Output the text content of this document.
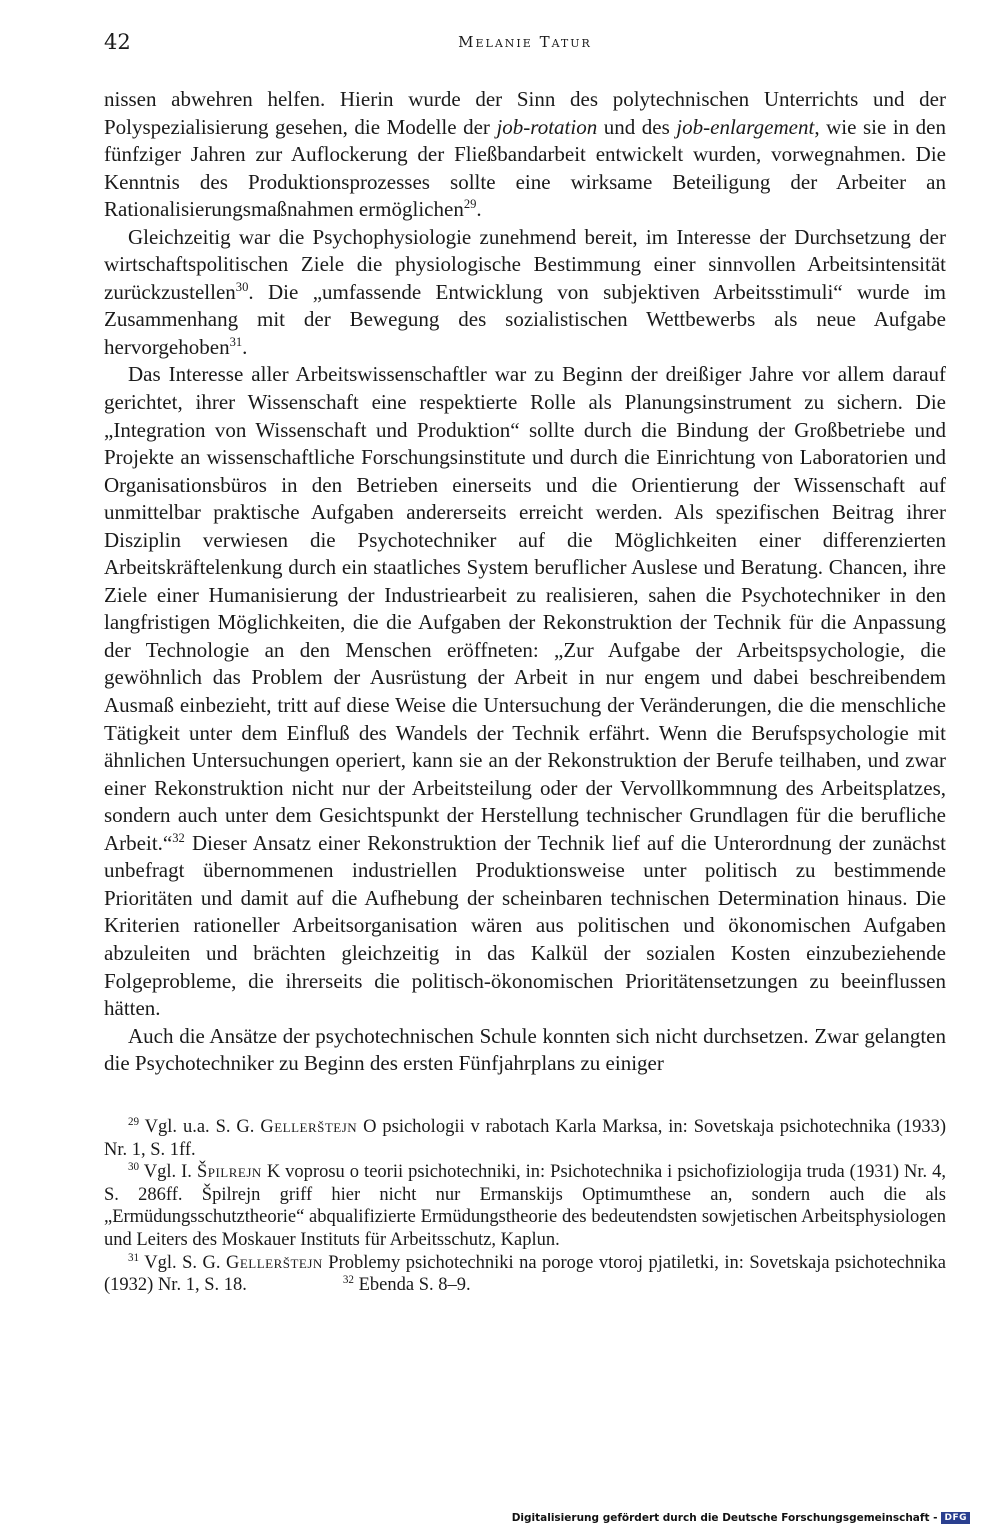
42	Melanie Tatur

nissen abwehren helfen. Hierin wurde der Sinn des polytechnischen Unterrichts und der Polyspezialisierung gesehen, die Modelle der job-rotation und des job-enlargement, wie sie in den fünfziger Jahren zur Auflockerung der Fließbandarbeit entwickelt wurden, vorwegnahmen. Die Kenntnis des Produktionsprozesses sollte eine wirksame Beteiligung der Arbeiter an Rationalisierungsmaßnahmen ermöglichen$^{29}$.

Gleichzeitig war die Psychophysiologie zunehmend bereit, im Interesse der Durchsetzung der wirtschaftspolitischen Ziele die physiologische Bestimmung einer sinnvollen Arbeitsintensität zurückzustellen$^{30}$. Die „umfassende Entwicklung von subjektiven Arbeitsstimuli“ wurde im Zusammenhang mit der Bewegung des sozialistischen Wettbewerbs als neue Aufgabe hervorgehoben$^{31}$.

Das Interesse aller Arbeitswissenschaftler war zu Beginn der dreißiger Jahre vor allem darauf gerichtet, ihrer Wissenschaft eine respektierte Rolle als Planungsinstrument zu sichern. Die „Integration von Wissenschaft und Produktion“ sollte durch die Bindung der Großbetriebe und Projekte an wissenschaftliche Forschungsinstitute und durch die Einrichtung von Laboratorien und Organisationsbüros in den Betrieben einerseits und die Orientierung der Wissenschaft auf unmittelbar praktische Aufgaben andererseits erreicht werden. Als spezifischen Beitrag ihrer Disziplin verwiesen die Psychotechniker auf die Möglichkeiten einer differenzierten Arbeitskräftelenkung durch ein staatliches System beruflicher Auslese und Beratung. Chancen, ihre Ziele einer Humanisierung der Industriearbeit zu realisieren, sahen die Psychotechniker in den langfristigen Möglichkeiten, die die Aufgaben der Rekonstruktion der Technik für die Anpassung der Technologie an den Menschen eröffneten: „Zur Aufgabe der Arbeitspsychologie, die gewöhnlich das Problem der Ausrüstung der Arbeit in nur engem und dabei beschreibendem Ausmaß einbezieht, tritt auf diese Weise die Untersuchung der Veränderungen, die die menschliche Tätigkeit unter dem Einfluß des Wandels der Technik erfährt. Wenn die Berufspsychologie mit ähnlichen Untersuchungen operiert, kann sie an der Rekonstruktion der Berufe teilhaben, und zwar einer Rekonstruktion nicht nur der Arbeitsteilung oder der Vervollkommnung des Arbeitsplatzes, sondern auch unter dem Gesichtspunkt der Herstellung technischer Grundlagen für die berufliche Arbeit.“$^{32}$ Dieser Ansatz einer Rekonstruktion der Technik lief auf die Unterordnung der zunächst unbefragt übernommenen industriellen Produktionsweise unter politisch zu bestimmende Prioritäten und damit auf die Aufhebung der scheinbaren technischen Determination hinaus. Die Kriterien rationeller Arbeitsorganisation wären aus politischen und ökonomischen Aufgaben abzuleiten und brächten gleichzeitig in das Kalkül der sozialen Kosten einzubeziehende Folgeprobleme, die ihrerseits die politisch-ökonomischen Prioritätensetzungen zu beeinflussen hätten.

Auch die Ansätze der psychotechnischen Schule konnten sich nicht durchsetzen. Zwar gelangten die Psychotechniker zu Beginn des ersten Fünfjahrplans zu einiger

$^{29}$ Vgl. u.a. S. G. Gelleršteјn O psichologii v rabotach Karla Marksa, in: Sovetskaja psichotechnika (1933) Nr. 1, S. 1ff.

$^{30}$ Vgl. I. Špilrejn K voprosu o teorii psichotechniki, in: Psichotechnika i psichofiziologija truda (1931) Nr. 4, S. 286ff. Špilrejn griff hier nicht nur Ermanskijs Optimumthese an, sondern auch die als „Ermüdungsschutztheorie“ abqualifizierte Ermüdungstheorie des bedeutendsten sowjetischen Arbeitsphysiologen und Leiters des Moskauer Instituts für Arbeitsschutz, Kaplun.

$^{31}$ Vgl. S. G. Gelleršteјn Problemy psichotechniki na poroge vtoroj pjatiletki, in: Sovetskaja psichotechnika (1932) Nr. 1, S. 18.	$^{32}$ Ebenda S. 8–9.

Digitalisierung gefördert durch die Deutsche Forschungsgemeinschaft - DFG
